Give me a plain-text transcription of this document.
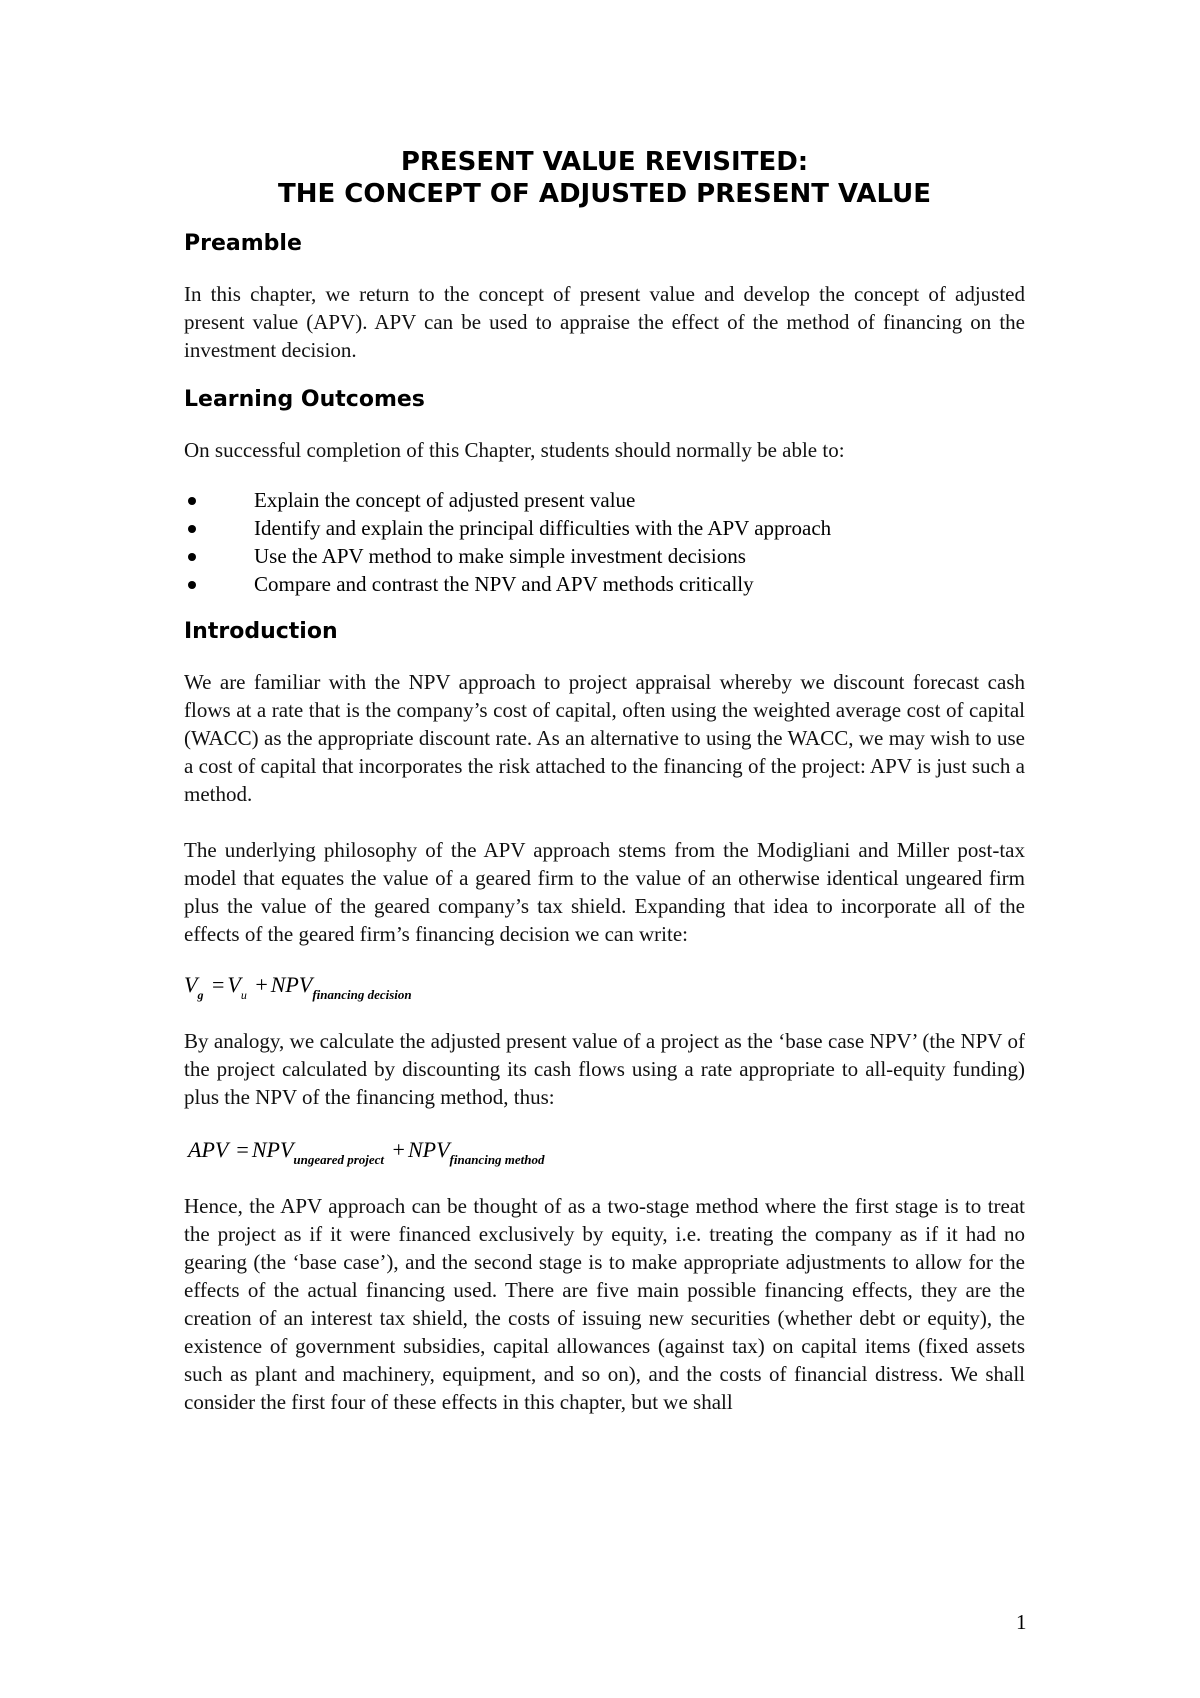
PRESENT VALUE REVISITED:
THE CONCEPT OF ADJUSTED PRESENT VALUE
Preamble

In this chapter, we return to the concept of present value and develop the concept of adjusted present value (APV). APV can be used to appraise the effect of the method of financing on the investment decision.

Learning Outcomes

On successful completion of this Chapter, students should normally be able to:

Explain the concept of adjusted present value
Identify and explain the principal difficulties with the APV approach
Use the APV method to make simple investment decisions
Compare and contrast the NPV and APV methods critically
Introduction

We are familiar with the NPV approach to project appraisal whereby we discount forecast cash flows at a rate that is the company’s cost of capital, often using the weighted average cost of capital (WACC) as the appropriate discount rate. As an alternative to using the WACC, we may wish to use a cost of capital that incorporates the risk attached to the financing of the project: APV is just such a method.

The underlying philosophy of the APV approach stems from the Modigliani and Miller post-tax model that equates the value of a geared firm to the value of an otherwise identical ungeared firm plus the value of the geared company’s tax shield. Expanding that idea to incorporate all of the effects of the geared firm’s financing decision we can write:

$V_g = V_u + NPV_{financing decision}$

By analogy, we calculate the adjusted present value of a project as the ‘base case NPV’ (the NPV of the project calculated by discounting its cash flows using a rate appropriate to all-equity funding) plus the NPV of the financing method, thus:

APV = $NPV_{ungeared project} + NPV_{financing method}$

Hence, the APV approach can be thought of as a two-stage method where the first stage is to treat the project as if it were financed exclusively by equity, i.e. treating the company as if it had no gearing (the ‘base case’), and the second stage is to make appropriate adjustments to allow for the effects of the actual financing used. There are five main possible financing effects, they are the creation of an interest tax shield, the costs of issuing new securities (whether debt or equity), the existence of government subsidies, capital allowances (against tax) on capital items (fixed assets such as plant and machinery, equipment, and so on), and the costs of financial distress. We shall consider the first four of these effects in this chapter, but we shall

1
